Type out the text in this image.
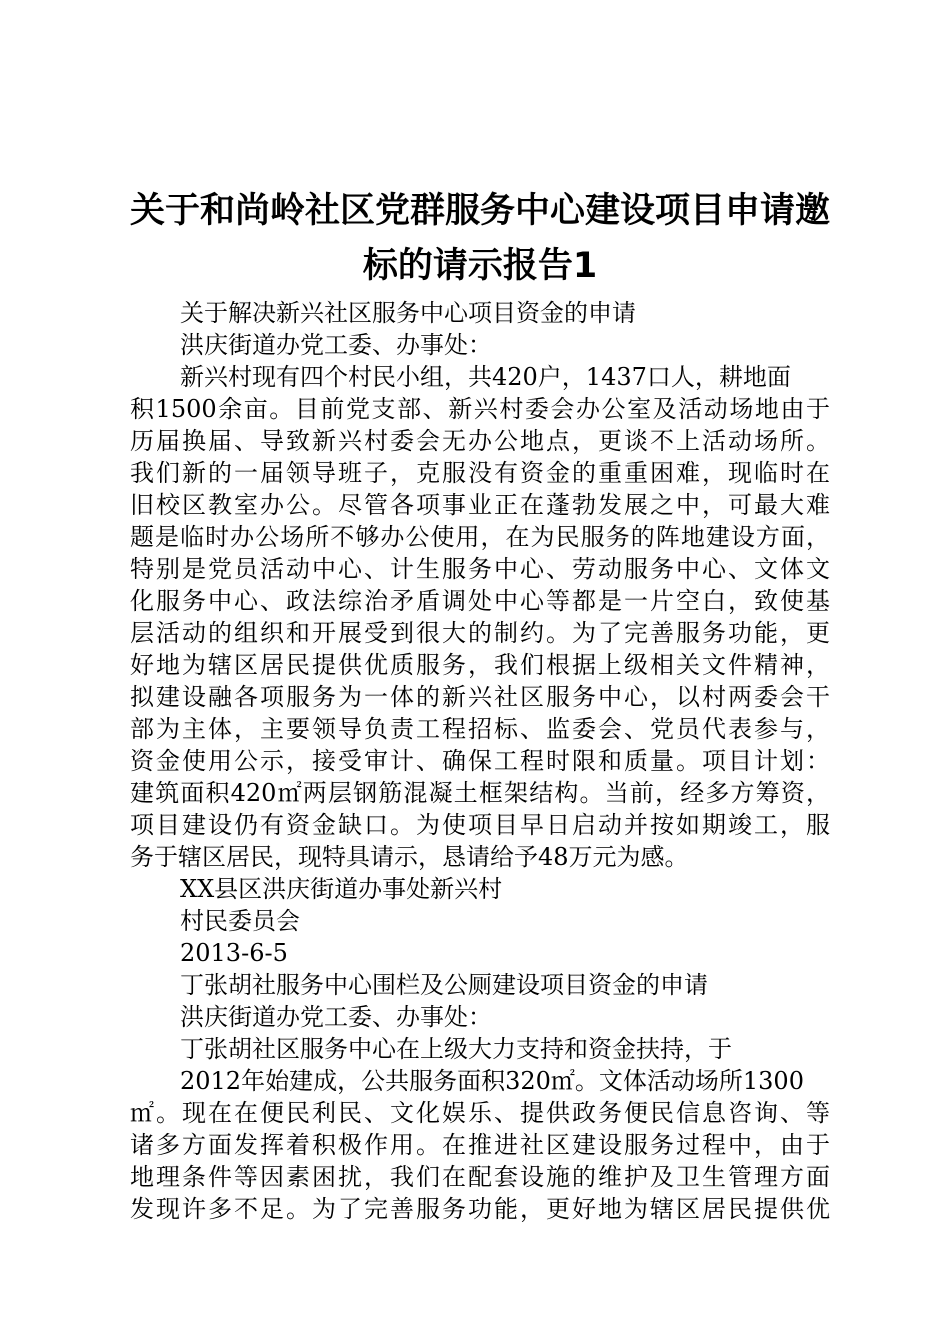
关于和尚岭社区党群服务中心建设项目申请邀
标的请示报告1
关于解决新兴社区服务中心项目资金的申请
洪庆街道办党工委、办事处：
新兴村现有四个村民小组，共420户，1437口人，耕地面
积1500余亩。目前党支部、新兴村委会办公室及活动场地由于
历届换届、导致新兴村委会无办公地点，更谈不上活动场所。
我们新的一届领导班子，克服没有资金的重重困难，现临时在
旧校区教室办公。尽管各项事业正在蓬勃发展之中，可最大难
题是临时办公场所不够办公使用，在为民服务的阵地建设方面，
特别是党员活动中心、计生服务中心、劳动服务中心、文体文
化服务中心、政法综治矛盾调处中心等都是一片空白，致使基
层活动的组织和开展受到很大的制约。为了完善服务功能，更
好地为辖区居民提供优质服务，我们根据上级相关文件精神，
拟建设融各项服务为一体的新兴社区服务中心，以村两委会干
部为主体，主要领导负责工程招标、监委会、党员代表参与，
资金使用公示，接受审计、确保工程时限和质量。项目计划：
建筑面积420㎡两层钢筋混凝土框架结构。当前，经多方筹资，
项目建设仍有资金缺口。为使项目早日启动并按如期竣工，服
务于辖区居民，现特具请示，恳请给予48万元为感。
XX县区洪庆街道办事处新兴村
村民委员会
2013-6-5
丁张胡社服务中心围栏及公厕建设项目资金的申请
洪庆街道办党工委、办事处：
丁张胡社区服务中心在上级大力支持和资金扶持，于
2012年始建成，公共服务面积320㎡。文体活动场所1300
㎡。现在在便民利民、文化娱乐、提供政务便民信息咨询、等
诸多方面发挥着积极作用。在推进社区建设服务过程中，由于
地理条件等因素困扰，我们在配套设施的维护及卫生管理方面
发现许多不足。为了完善服务功能，更好地为辖区居民提供优
